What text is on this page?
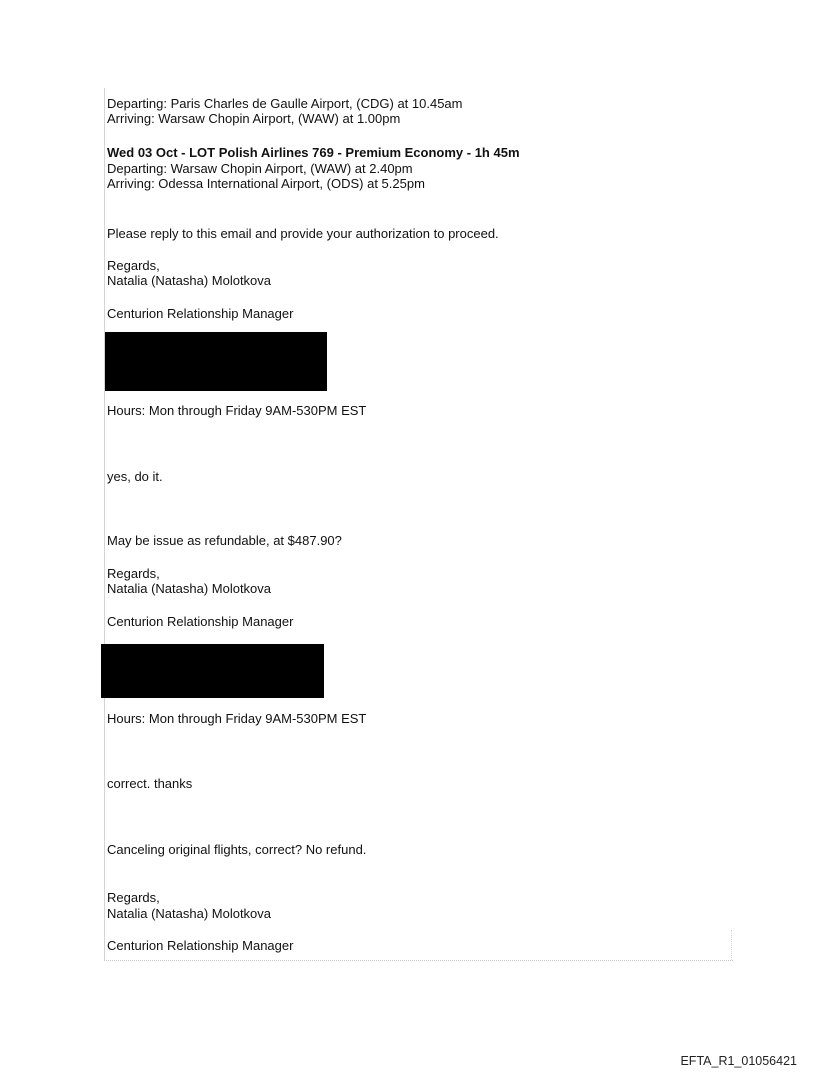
Departing: Paris Charles de Gaulle Airport, (CDG) at 10.45am
Arriving: Warsaw Chopin Airport, (WAW) at 1.00pm
Wed 03 Oct - LOT Polish Airlines 769 - Premium Economy - 1h 45m
Departing: Warsaw Chopin Airport, (WAW) at 2.40pm
Arriving: Odessa International Airport, (ODS) at 5.25pm
Please reply to this email and provide your authorization to proceed.
Regards,
Natalia (Natasha) Molotkova
Centurion Relationship Manager
Hours: Mon through Friday 9AM-530PM EST
yes, do it.
May be issue as refundable, at $487.90?
Regards,
Natalia (Natasha) Molotkova
Centurion Relationship Manager
Hours: Mon through Friday 9AM-530PM EST
correct. thanks
Canceling original flights, correct? No refund.
Regards,
Natalia (Natasha) Molotkova
Centurion Relationship Manager
EFTA_R1_01056421
